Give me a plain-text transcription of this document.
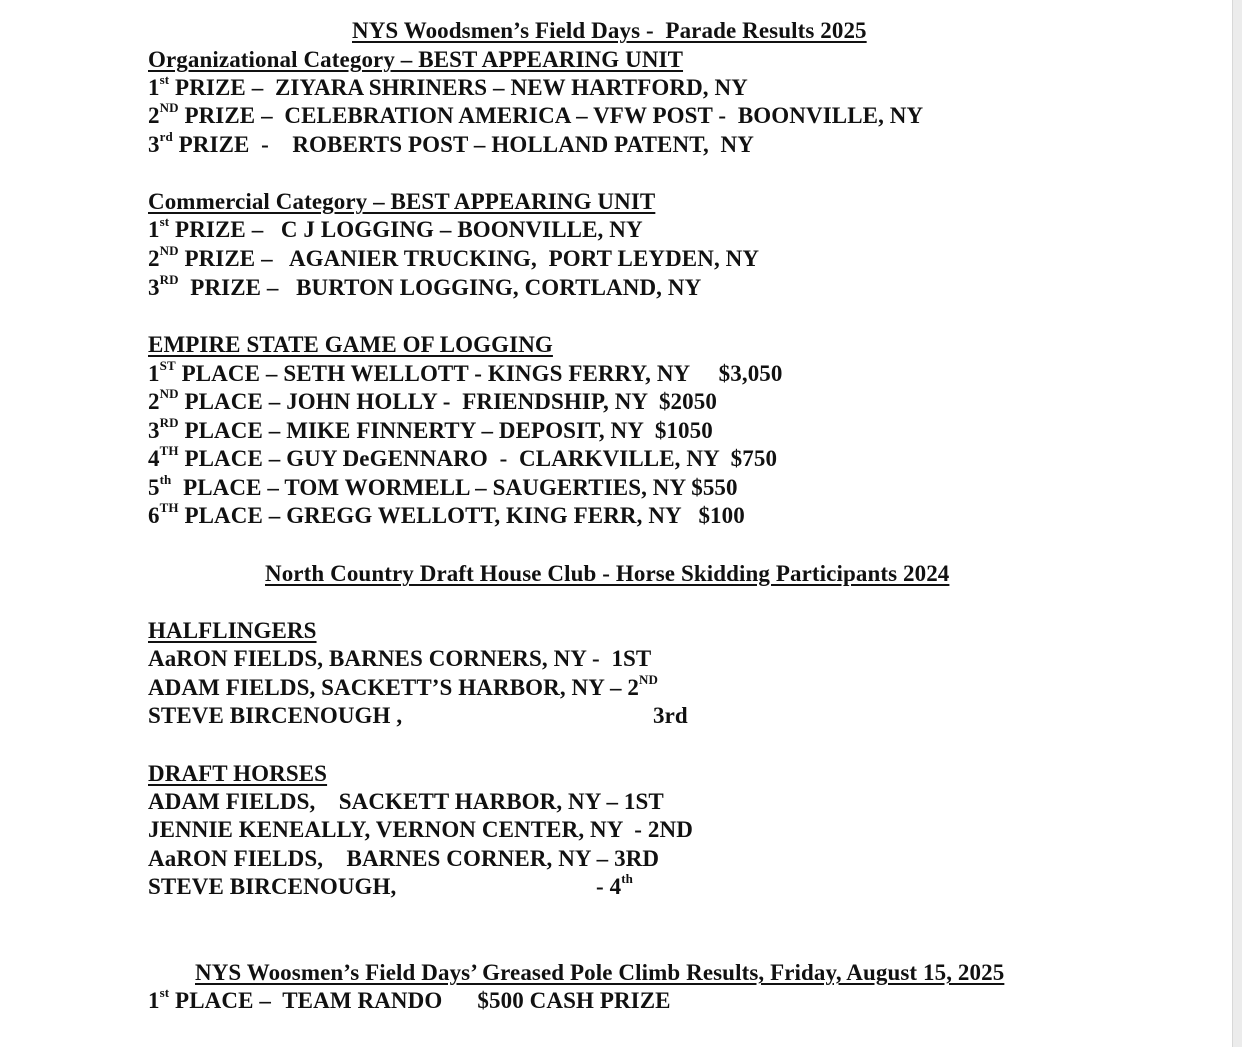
NYS Woodsmen’s Field Days -  Parade Results 2025
Organizational Category – BEST APPEARING UNIT
1st PRIZE –  ZIYARA SHRINERS – NEW HARTFORD, NY
2ND PRIZE –  CELEBRATION AMERICA – VFW POST -  BOONVILLE, NY
3rd PRIZE  -    ROBERTS POST – HOLLAND PATENT,  NY
Commercial Category – BEST APPEARING UNIT
1st PRIZE –   C J LOGGING – BOONVILLE, NY
2ND PRIZE –   AGANIER TRUCKING,  PORT LEYDEN, NY
3RD  PRIZE –   BURTON LOGGING, CORTLAND, NY
EMPIRE STATE GAME OF LOGGING
1ST PLACE – SETH WELLOTT - KINGS FERRY, NY     $3,050
2ND PLACE – JOHN HOLLY -  FRIENDSHIP, NY  $2050
3RD PLACE – MIKE FINNERTY – DEPOSIT, NY  $1050
4TH PLACE – GUY DeGENNARO  -  CLARKVILLE, NY  $750
5th  PLACE – TOM WORMELL – SAUGERTIES, NY $550
6TH PLACE – GREGG WELLOTT, KING FERR, NY   $100
North Country Draft House Club - Horse Skidding Participants 2024
HALFLINGERS
AaRON FIELDS, BARNES CORNERS, NY -  1ST
ADAM FIELDS, SACKETT’S HARBOR, NY – 2ND
STEVE BIRCENOUGH ,	3rd
DRAFT HORSES
ADAM FIELDS,    SACKETT HARBOR, NY – 1ST
JENNIE KENEALLY, VERNON CENTER, NY  - 2ND
AaRON FIELDS,    BARNES CORNER, NY – 3RD
STEVE BIRCENOUGH,	- 4th
NYS Woosmen’s Field Days’ Greased Pole Climb Results, Friday, August 15, 2025
1st PLACE –  TEAM RANDO      $500 CASH PRIZE
